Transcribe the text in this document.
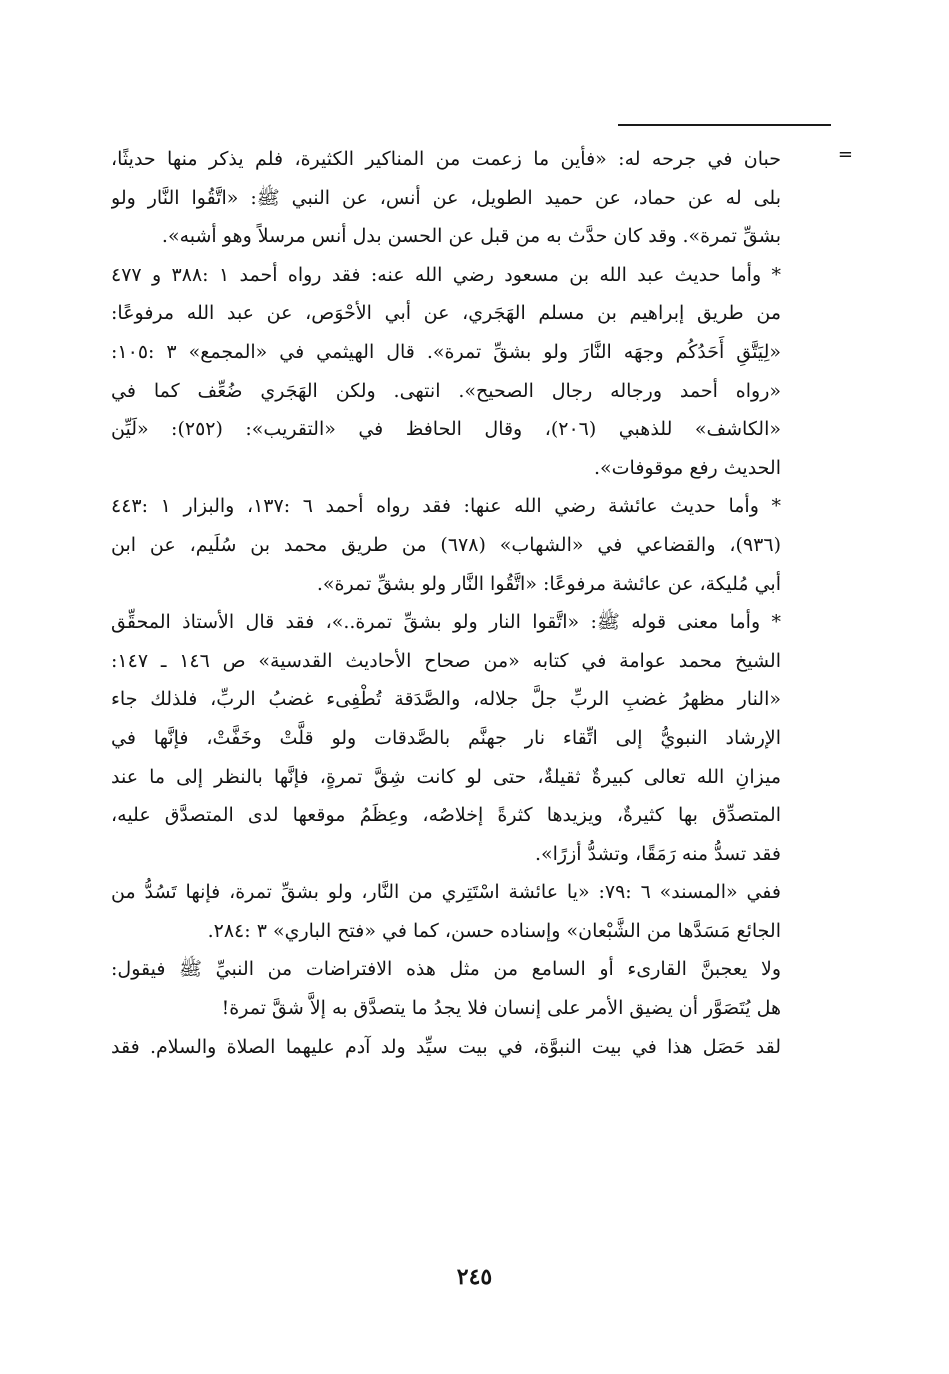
=
حبان في جرحه له: «فأين ما زعمت من المناكير الكثيرة، فلم يذكر منها حديثًا،
بلى له عن حماد، عن حميد الطويل، عن أنس، عن النبي ﷺ: «اتَّقُوا النَّار ولو
بشقِّ تمرة». وقد كان حدَّث به من قبل عن الحسن بدل أنس مرسلاً وهو أشبه».
* وأما حديث عبد الله بن مسعود رضي الله عنه: فقد رواه أحمد ١ :٣٨٨ و ٤٧٧
من طريق إبراهيم بن مسلم الهَجَري، عن أبي الأحْوَص، عن عبد الله مرفوعًا:
«لِيَتَّقِ أَحَدُكُم وجهَه النَّارَ ولو بشقِّ تمرة». قال الهيثمي في «المجمع» ٣ :١٠٥:
«رواه أحمد ورجاله رجال الصحيح». انتهى. ولكن الهَجَري ضُعِّف كما في
«الكاشف» للذهبي (٢٠٦)، وقال الحافظ في «التقريب»: (٢٥٢): «لَيِّن
الحديث رفع موقوفات».
* وأما حديث عائشة رضي الله عنها: فقد رواه أحمد ٦ :١٣٧، والبزار ١ :٤٤٣
(٩٣٦)، والقضاعي في «الشهاب» (٦٧٨) من طريق محمد بن سُلَيم، عن ابن
أبي مُليكة، عن عائشة مرفوعًا: «اتَّقُوا النَّار ولو بشقِّ تمرة».
* وأما معنى قوله ﷺ: «اتَّقوا النار ولو بشقِّ تمرة..»، فقد قال الأستاذ المحقِّق
الشيخ محمد عوامة في كتابه «من صحاح الأحاديث القدسية» ص ١٤٦ ـ ١٤٧:
«النار مظهرُ غضبِ الربِّ جلَّ جلاله، والصَّدَقة تُطْفِىء غضبُ الربِّ، فلذلك جاء
الإرشاد النبويُّ إلى اتِّقاء نار جهنَّم بالصَّدقات ولو قلَّتْ وخَفَّتْ، فإنَّها في
ميزانِ الله تعالى كبيرةٌ ثقيلةٌ، حتى لو كانت شِقَّ تمرةٍ، فإنَّها بالنظر إلى ما عند
المتصدِّق بها كثيرةٌ، ويزيدها كثرةً إخلاصُه، وعِظَمُ موقعها لدى المتصدَّق عليه،
فقد تسدُّ منه رَمَقًا، وتشدُّ أزرًا».
ففي «المسند» ٦ :٧٩: «يا عائشة اسْتَتِري من النَّار، ولو بشقِّ تمرة، فإنها تَسُدُّ من
الجائع مَسَدَّها من الشَّبْعان» وإسناده حسن، كما في «فتح الباري» ٣ :٢٨٤.
ولا يعجبنَّ القارىء أو السامع من مثل هذه الافتراضات من النبيِّ ﷺ فيقول:
هل يُتَصَوَّر أن يضيق الأمر على إنسان فلا يجدُ ما يتصدَّق به إلاَّ شقَّ تمرة!
لقد حَصَل هذا في بيت النبوَّة، في بيت سيِّد ولد آدم عليهما الصلاة والسلام. فقد
٢٤٥
